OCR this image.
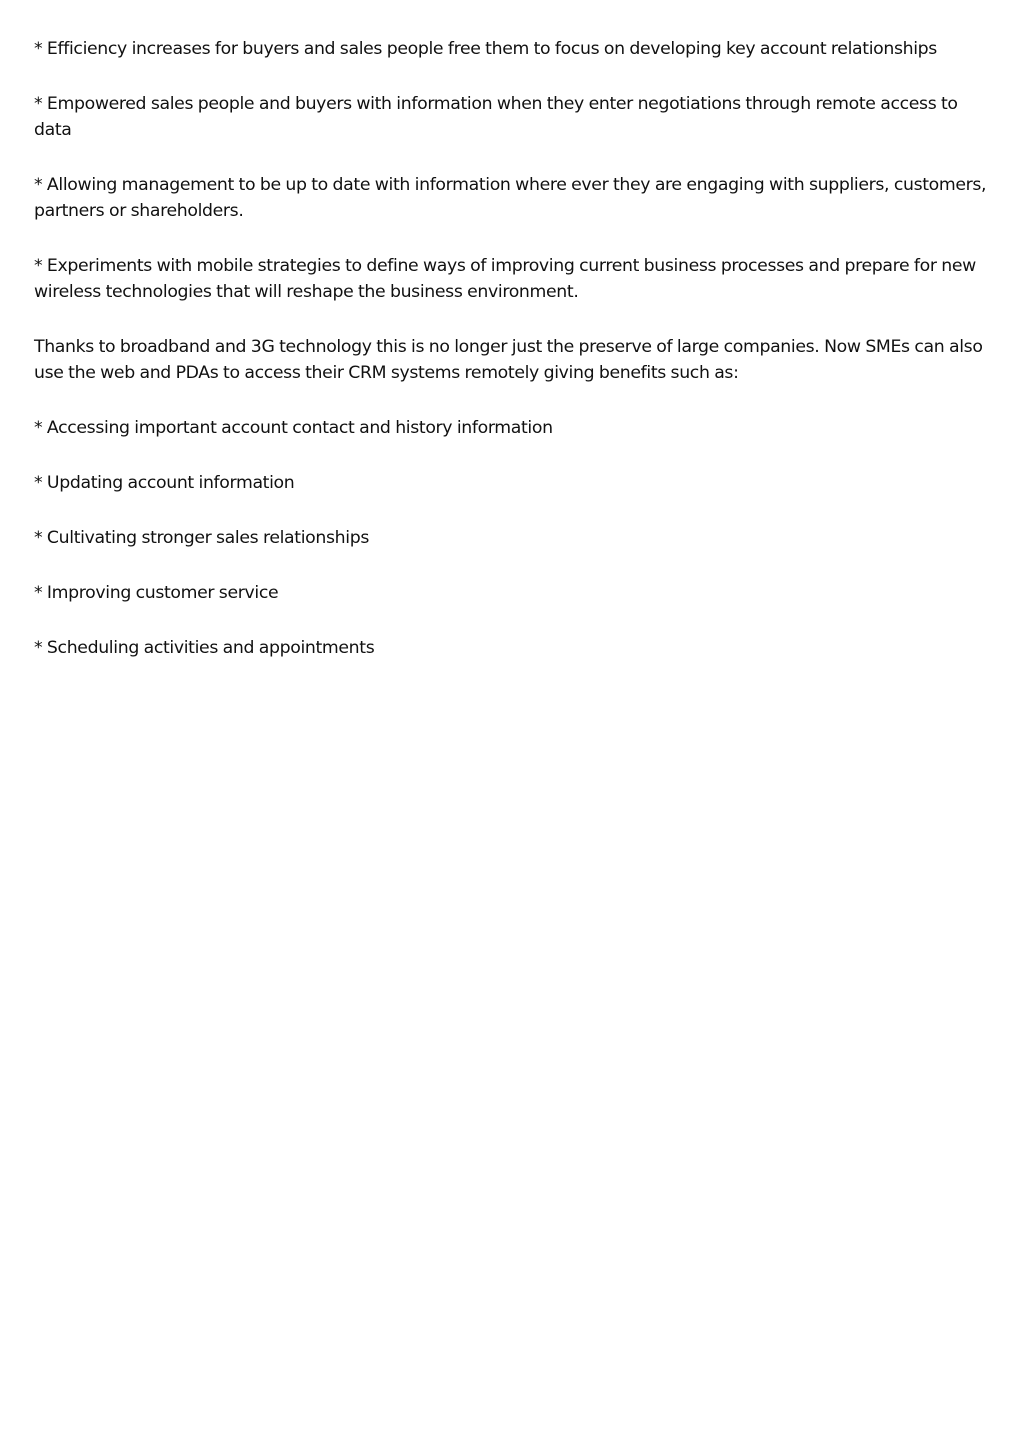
* Efficiency increases for buyers and sales people free them to focus on developing key account relationships

* Empowered sales people and buyers with information when they enter negotiations through remote access to data

* Allowing management to be up to date with information where ever they are engaging with suppliers, customers, partners or shareholders.

* Experiments with mobile strategies to define ways of improving current business processes and prepare for new wireless technologies that will reshape the business environment.

Thanks to broadband and 3G technology this is no longer just the preserve of large companies. Now SMEs can also use the web and PDAs to access their CRM systems remotely giving benefits such as:

* Accessing important account contact and history information

* Updating account information

* Cultivating stronger sales relationships

* Improving customer service

* Scheduling activities and appointments
